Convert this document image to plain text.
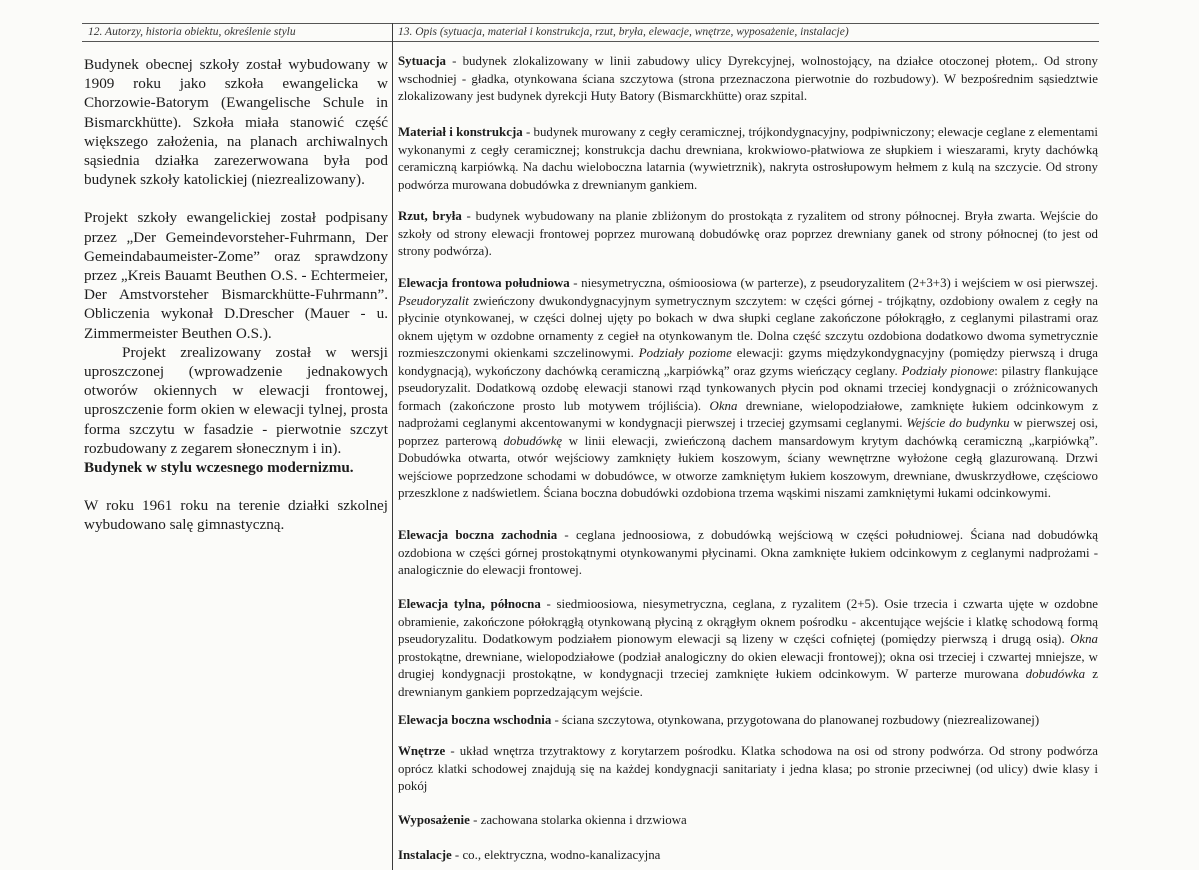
12. Autorzy, historia obiektu, określenie stylu	13. Opis (sytuacja, materiał i konstrukcja, rzut, bryła, elewacje, wnętrze, wyposażenie, instalacje)

Budynek obecnej szkoły został wybudowany w 1909 roku jako szkoła ewangelicka w Chorzowie-Batorym (Ewangelische Schule in Bismarckhütte). Szkoła miała stanowić część większego założenia, na planach archiwalnych sąsiednia działka zarezerwowana była pod budynek szkoły katolickiej (niezrealizowany).

Projekt szkoły ewangelickiej został podpisany przez „Der Gemeindevorsteher-Fuhrmann, Der Gemeindabaumeister-Zome” oraz sprawdzony przez „Kreis Bauamt Beuthen O.S. - Echtermeier, Der Amstvorsteher Bismarckhütte-Fuhrmann”. Obliczenia wykonał D.Drescher (Mauer - u. Zimmermeister Beuthen O.S.).

Projekt zrealizowany został w wersji uproszczonej (wprowadzenie jednakowych otworów okiennych w elewacji frontowej, uproszczenie form okien w elewacji tylnej, prosta forma szczytu w fasadzie - pierwotnie szczyt rozbudowany z zegarem słonecznym i in).

Budynek w stylu wczesnego modernizmu.

W roku 1961 roku na terenie działki szkolnej wybudowano salę gimnastyczną.

Sytuacja - budynek zlokalizowany w linii zabudowy ulicy Dyrekcyjnej, wolnostojący, na działce otoczonej płotem,. Od strony wschodniej - gładka, otynkowana ściana szczytowa (strona przeznaczona pierwotnie do rozbudowy). W bezpośrednim sąsiedztwie zlokalizowany jest budynek dyrekcji Huty Batory (Bismarckhütte) oraz szpital.
Materiał i konstrukcja - budynek murowany z cegły ceramicznej, trójkondygnacyjny, podpiwniczony; elewacje ceglane z elementami wykonanymi z cegły ceramicznej; konstrukcja dachu drewniana, krokwiowo-płatwiowa ze słupkiem i wieszarami, kryty dachówką ceramiczną karpiówką. Na dachu wieloboczna latarnia (wywietrznik), nakryta ostrosłupowym hełmem z kulą na szczycie. Od strony podwórza murowana dobudówka z drewnianym gankiem.
Rzut, bryła - budynek wybudowany na planie zbliżonym do prostokąta z ryzalitem od strony północnej. Bryła zwarta. Wejście do szkoły od strony elewacji frontowej poprzez murowaną dobudówkę oraz poprzez drewniany ganek od strony północnej (to jest od strony podwórza).
Elewacja frontowa południowa - niesymetryczna, ośmioosiowa (w parterze), z pseudoryzalitem (2+3+3) i wejściem w osi pierwszej. Pseudoryzalit zwieńczony dwukondygnacyjnym symetrycznym szczytem: w części górnej - trójkątny, ozdobiony owalem z cegły na płycinie otynkowanej, w części dolnej ujęty po bokach w dwa słupki ceglane zakończone półokrągło, z ceglanymi pilastrami oraz oknem ujętym w ozdobne ornamenty z cegieł na otynkowanym tle. Dolna część szczytu ozdobiona dodatkowo dwoma symetrycznie rozmieszczonymi okienkami szczelinowymi. Podziały poziome elewacji: gzyms międzykondygnacyjny (pomiędzy pierwszą i druga kondygnacją), wykończony dachówką ceramiczną „karpiówką” oraz gzyms wieńczący ceglany. Podziały pionowe: pilastry flankujące pseudoryzalit. Dodatkową ozdobę elewacji stanowi rząd tynkowanych płycin pod oknami trzeciej kondygnacji o zróżnicowanych formach (zakończone prosto lub motywem trójliścia). Okna drewniane, wielopodziałowe, zamknięte łukiem odcinkowym z nadprożami ceglanymi akcentowanymi w kondygnacji pierwszej i trzeciej gzymsami ceglanymi. Wejście do budynku w pierwszej osi, poprzez parterową dobudówkę w linii elewacji, zwieńczoną dachem mansardowym krytym dachówką ceramiczną „karpiówką”. Dobudówka otwarta, otwór wejściowy zamknięty łukiem koszowym, ściany wewnętrzne wyłożone cegłą glazurowaną. Drzwi wejściowe poprzedzone schodami w dobudówce, w otworze zamkniętym łukiem koszowym, drewniane, dwuskrzydłowe, częściowo przeszklone z nadświetlem. Ściana boczna dobudówki ozdobiona trzema wąskimi niszami zamkniętymi łukami odcinkowymi.
Elewacja boczna zachodnia - ceglana jednoosiowa, z dobudówką wejściową w części południowej. Ściana nad dobudówką ozdobiona w części górnej prostokątnymi otynkowanymi płycinami. Okna zamknięte łukiem odcinkowym z ceglanymi nadprożami - analogicznie do elewacji frontowej.
Elewacja tylna, północna - siedmioosiowa, niesymetryczna, ceglana, z ryzalitem (2+5). Osie trzecia i czwarta ujęte w ozdobne obramienie, zakończone półokrągłą otynkowaną płyciną z okrągłym oknem pośrodku - akcentujące wejście i klatkę schodową formą pseudoryzalitu. Dodatkowym podziałem pionowym elewacji są lizeny w części cofniętej (pomiędzy pierwszą i drugą osią). Okna prostokątne, drewniane, wielopodziałowe (podział analogiczny do okien elewacji frontowej); okna osi trzeciej i czwartej mniejsze, w drugiej kondygnacji prostokątne, w kondygnacji trzeciej zamknięte łukiem odcinkowym. W parterze murowana dobudówka z drewnianym gankiem poprzedzającym wejście.
Elewacja boczna wschodnia - ściana szczytowa, otynkowana, przygotowana do planowanej rozbudowy (niezrealizowanej)
Wnętrze - układ wnętrza trzytraktowy z korytarzem pośrodku. Klatka schodowa na osi od strony podwórza. Od strony podwórza oprócz klatki schodowej znajdują się na każdej kondygnacji sanitariaty i jedna klasa; po stronie przeciwnej (od ulicy) dwie klasy i pokój
Wyposażenie - zachowana stolarka okienna i drzwiowa
Instalacje - co., elektryczna, wodno-kanalizacyjna
